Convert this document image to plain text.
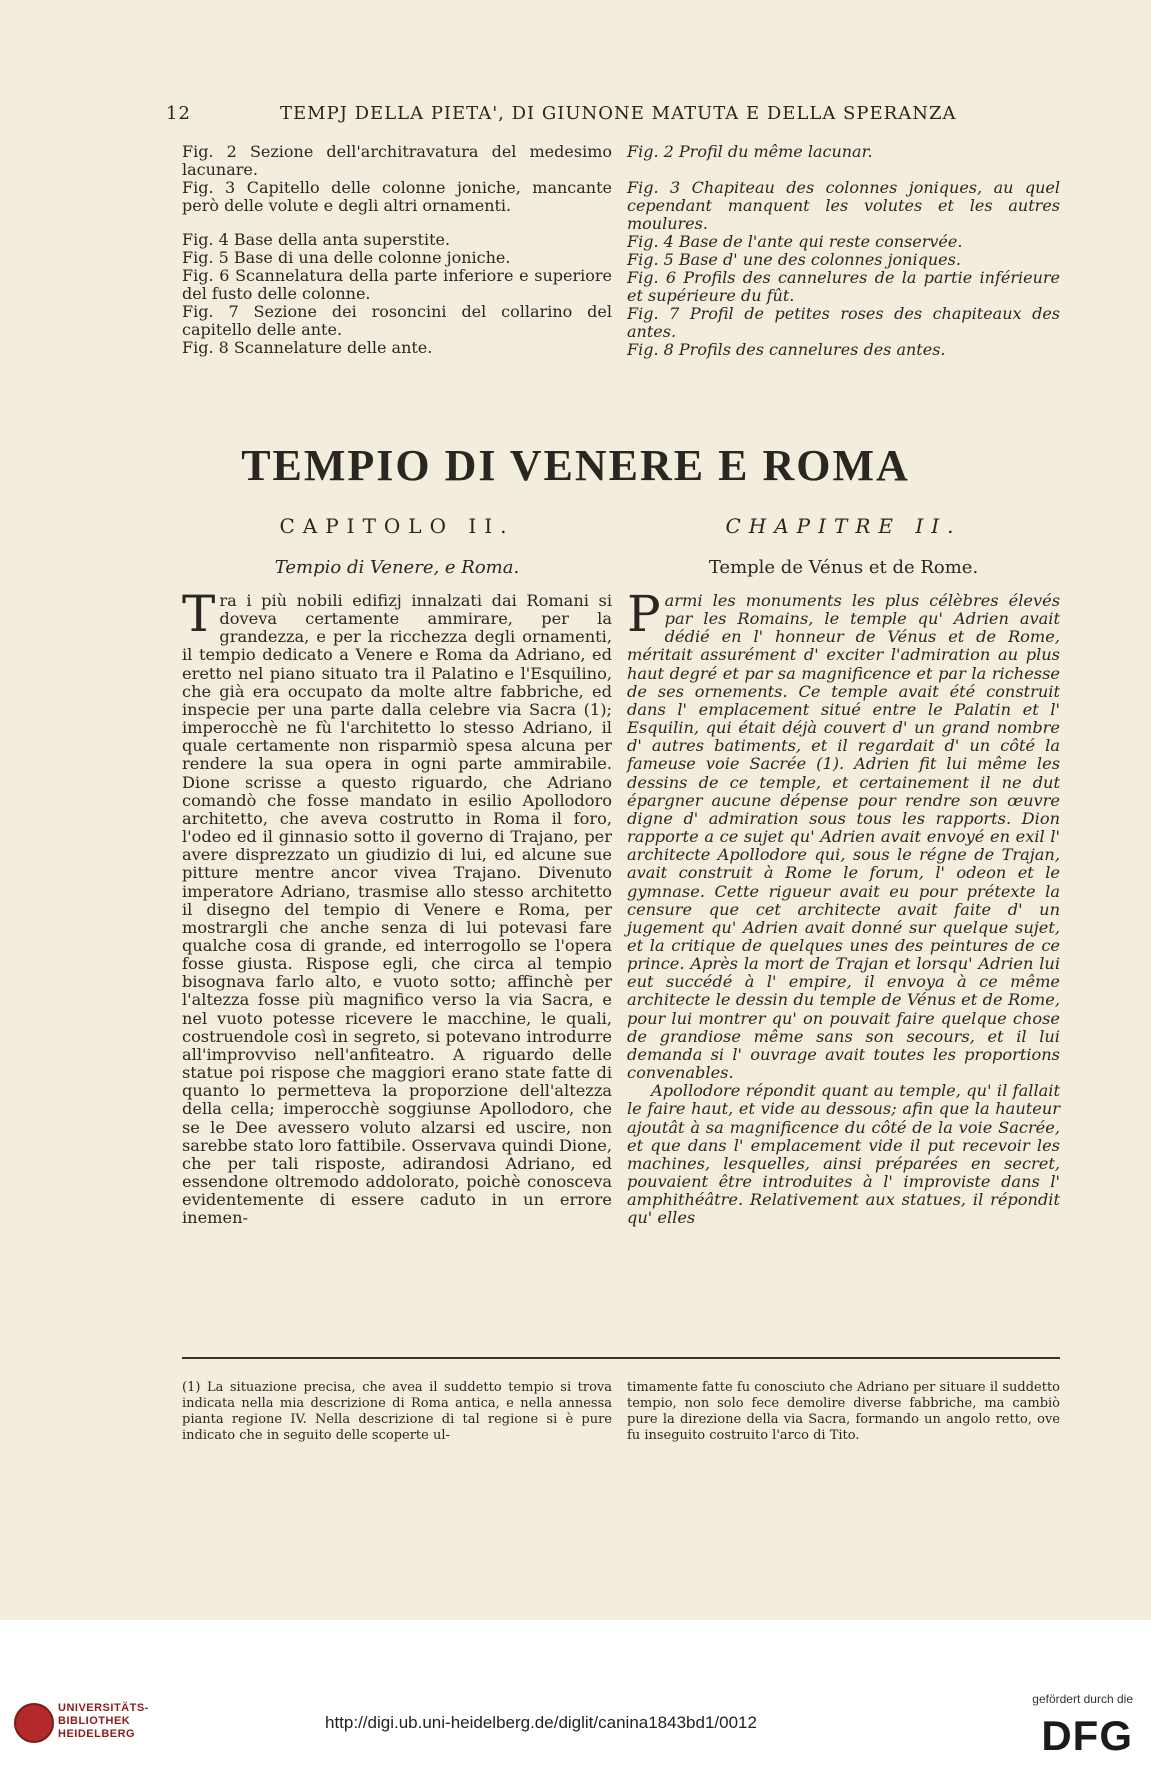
12	TEMPJ DELLA PIETA', DI GIUNONE MATUTA E DELLA SPERANZA

Fig. 2 Sezione dell'architravatura del medesimo lacunare.

Fig. 3 Capitello delle colonne joniche, mancante però delle volute e degli altri ornamenti.

Fig. 4 Base della anta superstite.

Fig. 5 Base di una delle colonne joniche.

Fig. 6 Scannelatura della parte inferiore e superiore del fusto delle colonne.

Fig. 7 Sezione dei rosoncini del collarino del capitello delle ante.

Fig. 8 Scannelature delle ante.

Fig. 2 Profil du même lacunar.

Fig. 3 Chapiteau des colonnes joniques, au quel cependant manquent les volutes et les autres moulures.

Fig. 4 Base de l'ante qui reste conservée.

Fig. 5 Base d' une des colonnes joniques.

Fig. 6 Profils des cannelures de la partie inférieure et supérieure du fût.

Fig. 7 Profil de petites roses des chapiteaux des antes.

Fig. 8 Profils des cannelures des antes.

TEMPIO DI VENERE E ROMA
CAPITOLO II.	CHAPITRE II.
Tempio di Venere, e Roma.	Temple de Vénus et de Rome.

T ra i più nobili edifizj innalzati dai Romani si doveva certamente ammirare, per la grandezza, e per la ricchezza degli ornamenti, il tempio dedicato a Venere e Roma da Adriano, ed eretto nel piano situato tra il Palatino e l'Esquilino, che già era occupato da molte altre fabbriche, ed inspecie per una parte dalla celebre via Sacra (1); imperocchè ne fù l'architetto lo stesso Adriano, il quale certamente non risparmiò spesa alcuna per rendere la sua opera in ogni parte ammirabile. Dione scrisse a questo riguardo, che Adriano comandò che fosse mandato in esilio Apollodoro architetto, che aveva costrutto in Roma il foro, l'odeo ed il ginnasio sotto il governo di Trajano, per avere disprezzato un giudizio di lui, ed alcune sue pitture mentre ancor vivea Trajano. Divenuto imperatore Adriano, trasmise allo stesso architetto il disegno del tempio di Venere e Roma, per mostrargli che anche senza di lui potevasi fare qualche cosa di grande, ed interrogollo se l'opera fosse giusta. Rispose egli, che circa al tempio bisognava farlo alto, e vuoto sotto; affinchè per l'altezza fosse più magnifico verso la via Sacra, e nel vuoto potesse ricevere le macchine, le quali, costruendole così in segreto, si potevano introdurre all'improvviso nell'anfiteatro. A riguardo delle statue poi rispose che maggiori erano state fatte di quanto lo permetteva la proporzione dell'altezza della cella; imperocchè soggiunse Apollodoro, che se le Dee avessero voluto alzarsi ed uscire, non sarebbe stato loro fattibile. Osservava quindi Dione, che per tali risposte, adirandosi Adriano, ed essendone oltremodo addolorato, poichè conosceva evidentemente di essere caduto in un errore inemen-

P armi les monuments les plus célèbres élevés par les Romains, le temple qu' Adrien avait dédié en l' honneur de Vénus et de Rome, méritait assurément d' exciter l'admiration au plus haut degré et par sa magnificence et par la richesse de ses ornements. Ce temple avait été construit dans l' emplacement situé entre le Palatin et l' Esquilin, qui était déjà couvert d' un grand nombre d' autres batiments, et il regardait d' un côté la fameuse voie Sacrée (1). Adrien fit lui même les dessins de ce temple, et certainement il ne dut épargner aucune dépense pour rendre son œuvre digne d' admiration sous tous les rapports. Dion rapporte a ce sujet qu' Adrien avait envoyé en exil l' architecte Apollodore qui, sous le régne de Trajan, avait construit à Rome le forum, l' odeon et le gymnase. Cette rigueur avait eu pour prétexte la censure que cet architecte avait faite d' un jugement qu' Adrien avait donné sur quelque sujet, et la critique de quelques unes des peintures de ce prince. Après la mort de Trajan et lorsqu' Adrien lui eut succédé à l' empire, il envoya à ce même architecte le dessin du temple de Vénus et de Rome, pour lui montrer qu' on pouvait faire quelque chose de grandiose même sans son secours, et il lui demanda si l' ouvrage avait toutes les proportions convenables.

Apollodore répondit quant au temple, qu' il fallait le faire haut, et vide au dessous; afin que la hauteur ajoutât à sa magnificence du côté de la voie Sacrée, et que dans l' emplacement vide il put recevoir les machines, lesquelles, ainsi préparées en secret, pouvaient être introduites à l' improviste dans l' amphithéâtre. Relativement aux statues, il répondit qu' elles

(1) La situazione precisa, che avea il suddetto tempio si trova indicata nella mia descrizione di Roma antica, e nella annessa pianta regione IV. Nella descrizione di tal regione si è pure indicato che in seguito delle scoperte ul-

timamente fatte fu conosciuto che Adriano per situare il suddetto tempio, non solo fece demolire diverse fabbriche, ma cambiò pure la direzione della via Sacra, formando un angolo retto, ove fu inseguito costruito l'arco di Tito.

UNIVERSITÄTS-
BIBLIOTHEK
HEIDELBERG
http://digi.ub.uni-heidelberg.de/diglit/canina1843bd1/0012
gefördert durch die
DFG
